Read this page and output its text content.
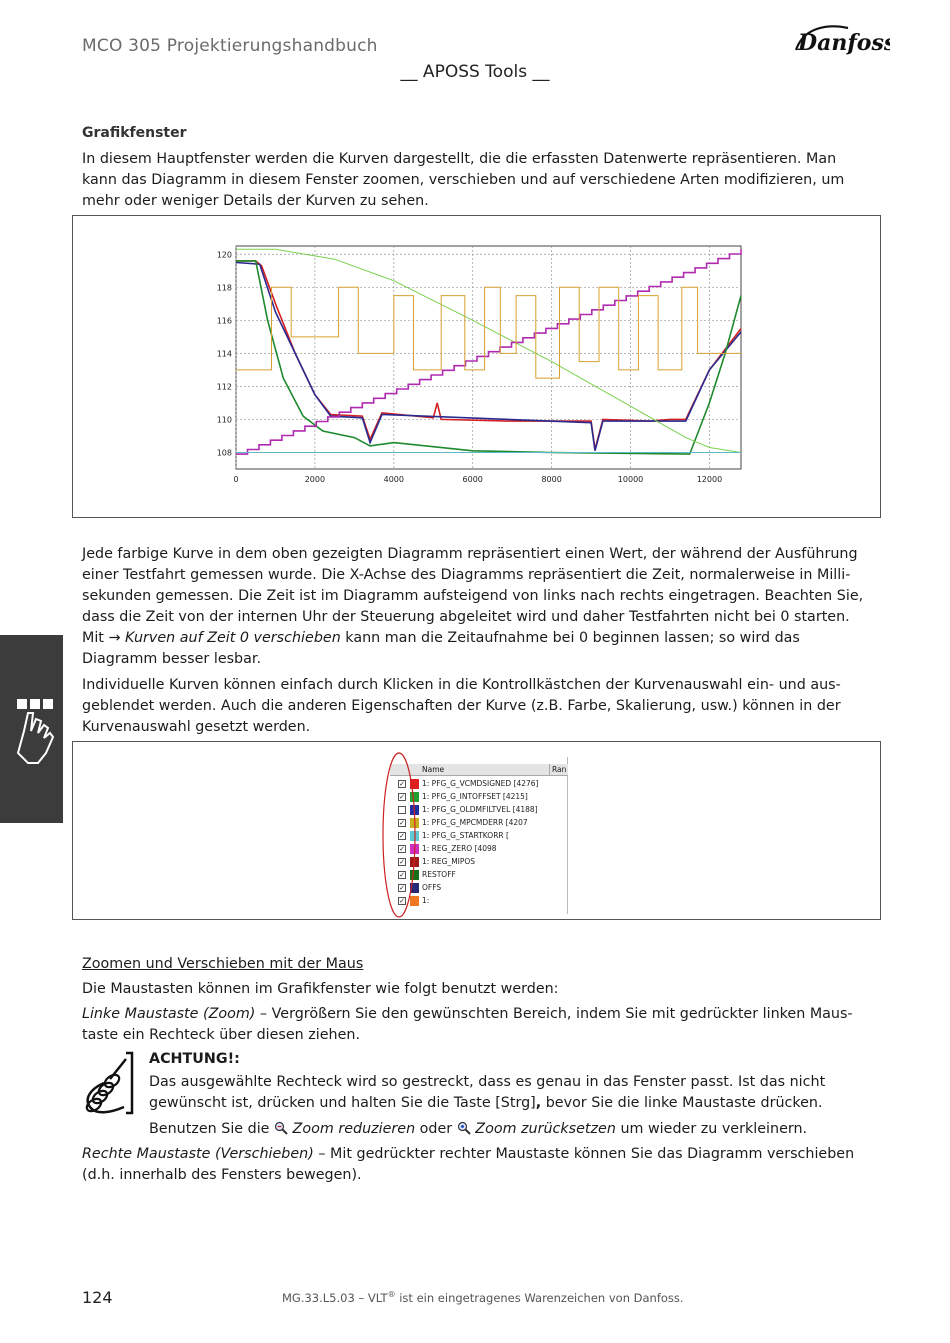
MCO 305 Projektierungshandbuch	Danfoss
__ APOSS Tools __
Grafikfenster
In diesem Hauptfenster werden die Kurven dargestellt, die die erfassten Datenwerte repräsentieren. Man
kann das Diagramm in diesem Fenster zoomen, verschieben und auf verschiedene Arten modifizieren, um
mehr oder weniger Details der Kurven zu sehen.
0	2000	4000	6000	8000	10000	12000
108
110
112
114
116
118
120
Jede farbige Kurve in dem oben gezeigten Diagramm repräsentiert einen Wert, der während der Ausführung
einer Testfahrt gemessen wurde. Die X-Achse des Diagramms repräsentiert die Zeit, normalerweise in Milli-
sekunden gemessen. Die Zeit ist im Diagramm aufsteigend von links nach rechts eingetragen. Beachten Sie,
dass die Zeit von der internen Uhr der Steuerung abgeleitet wird und daher Testfahrten nicht bei 0 starten.
Mit → Kurven auf Zeit 0 verschieben kann man die Zeitaufnahme bei 0 beginnen lassen; so wird das
Diagramm besser lesbar.
Individuelle Kurven können einfach durch Klicken in die Kontrollkästchen der Kurvenauswahl ein- und aus-
geblendet werden. Auch die anderen Eigenschaften der Kurve (z.B. Farbe, Skalierung, usw.) können in der
Kurvenauswahl gesetzt werden.
Name	Ran
✓ 1: PFG_G_VCMDSIGNED [4276]
✓ 1: PFG_G_INTOFFSET [4215]
1: PFG_G_OLDMFILTVEL [4188]
✓ 1: PFG_G_MPCMDERR [4207
✓ 1: PFG_G_STARTKORR [
✓ 1: REG_ZERO [4098
✓ 1: REG_MIPOS
✓ RESTOFF
✓ OFFS
✓ 1:
Zoomen und Verschieben mit der Maus
Die Maustasten können im Grafikfenster wie folgt benutzt werden:
Linke Maustaste (Zoom) – Vergrößern Sie den gewünschten Bereich, indem Sie mit gedrückter linken Maus-
taste ein Rechteck über diesen ziehen.
ACHTUNG!:
Das ausgewählte Rechteck wird so gestreckt, dass es genau in das Fenster passt. Ist das nicht
gewünscht ist, drücken und halten Sie die Taste [Strg], bevor Sie die linke Maustaste drücken.
Benutzen Sie die  Zoom reduzieren oder  Zoom zurücksetzen um wieder zu verkleinern.
Rechte Maustaste (Verschieben) – Mit gedrückter rechter Maustaste können Sie das Diagramm verschieben
(d.h. innerhalb des Fensters bewegen).
124	MG.33.L5.03 – VLT® ist ein eingetragenes Warenzeichen von Danfoss.
